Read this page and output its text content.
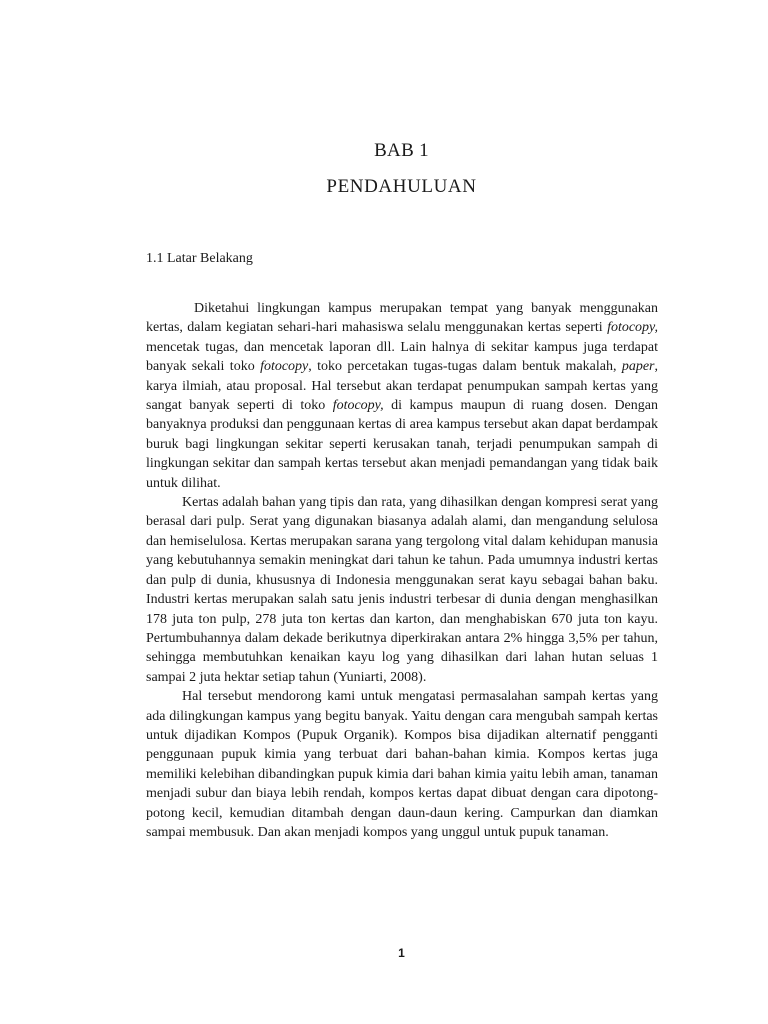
BAB 1
PENDAHULUAN
1.1 Latar Belakang

Diketahui lingkungan kampus merupakan tempat yang banyak menggunakan kertas, dalam kegiatan sehari-hari mahasiswa selalu menggunakan kertas seperti fotocopy, mencetak tugas, dan mencetak laporan dll. Lain halnya di sekitar kampus juga terdapat banyak sekali toko fotocopy, toko percetakan tugas-tugas dalam bentuk makalah, paper, karya ilmiah, atau proposal. Hal tersebut akan terdapat penumpukan sampah kertas yang sangat banyak seperti di toko fotocopy, di kampus maupun di ruang dosen. Dengan banyaknya produksi dan penggunaan kertas di area kampus tersebut akan dapat berdampak buruk bagi lingkungan sekitar seperti kerusakan tanah, terjadi penumpukan sampah di lingkungan sekitar dan sampah kertas tersebut akan menjadi pemandangan yang tidak baik untuk dilihat.

Kertas adalah bahan yang tipis dan rata, yang dihasilkan dengan kompresi serat yang berasal dari pulp. Serat yang digunakan biasanya adalah alami, dan mengandung selulosa dan hemiselulosa. Kertas merupakan sarana yang tergolong vital dalam kehidupan manusia yang kebutuhannya semakin meningkat dari tahun ke tahun. Pada umumnya industri kertas dan pulp di dunia, khususnya di Indonesia menggunakan serat kayu sebagai bahan baku. Industri kertas merupakan salah satu jenis industri terbesar di dunia dengan menghasilkan 178 juta ton pulp, 278 juta ton kertas dan karton, dan menghabiskan 670 juta ton kayu. Pertumbuhannya dalam dekade berikutnya diperkirakan antara 2% hingga 3,5% per tahun, sehingga membutuhkan kenaikan kayu log yang dihasilkan dari lahan hutan seluas 1 sampai 2 juta hektar setiap tahun (Yuniarti, 2008).

Hal tersebut mendorong kami untuk mengatasi permasalahan sampah kertas yang ada dilingkungan kampus yang begitu banyak. Yaitu dengan cara mengubah sampah kertas untuk dijadikan Kompos (Pupuk Organik). Kompos bisa dijadikan alternatif pengganti penggunaan pupuk kimia yang terbuat dari bahan-bahan kimia. Kompos kertas juga memiliki kelebihan dibandingkan pupuk kimia dari bahan kimia yaitu lebih aman, tanaman menjadi subur dan biaya lebih rendah, kompos kertas dapat dibuat dengan cara dipotong-potong kecil, kemudian ditambah dengan daun-daun kering. Campurkan dan diamkan sampai membusuk. Dan akan menjadi kompos yang unggul untuk pupuk tanaman.

1
